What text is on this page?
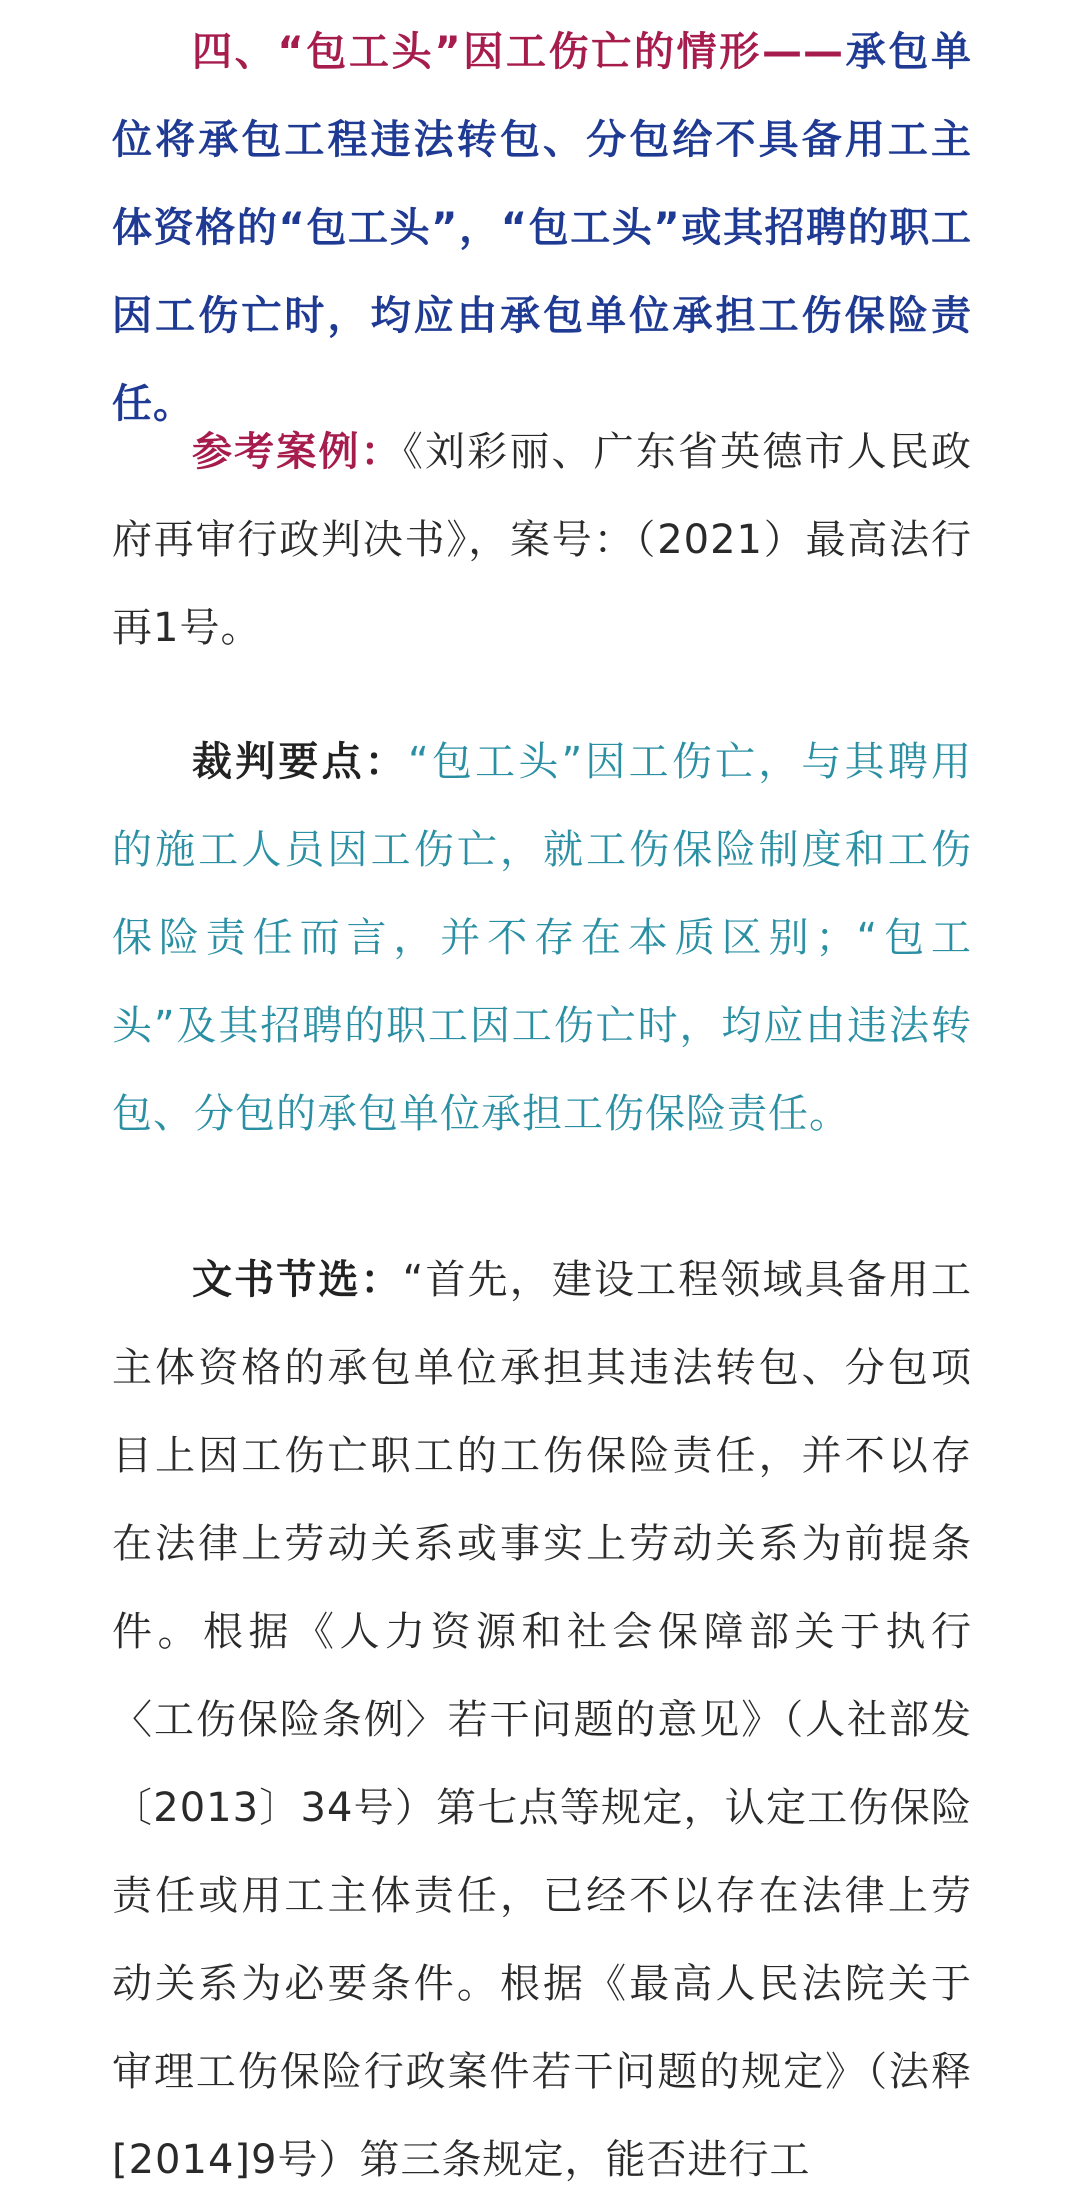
四、“包工头”因工伤亡的情形——承包单位将承包工程违法转包、分包给不具备用工主体资格的“包工头”，“包工头”或其招聘的职工因工伤亡时，均应由承包单位承担工伤保险责任。

参考案例：《刘彩丽、广东省英德市人民政府再审行政判决书》，案号：（2021）最高法行再1号。

裁判要点：“包工头”因工伤亡，与其聘用的施工人员因工伤亡，就工伤保险制度和工伤保险责任而言，并不存在本质区别；“包工头”及其招聘的职工因工伤亡时，均应由违法转包、分包的承包单位承担工伤保险责任。

文书节选：“首先，建设工程领域具备用工主体资格的承包单位承担其违法转包、分包项目上因工伤亡职工的工伤保险责任，并不以存在法律上劳动关系或事实上劳动关系为前提条件。根据《人力资源和社会保障部关于执行〈工伤保险条例〉若干问题的意见》（人社部发〔2013〕34号）第七点等规定，认定工伤保险责任或用工主体责任，已经不以存在法律上劳动关系为必要条件。根据《最高人民法院关于审理工伤保险行政案件若干问题的规定》（法释[2014]9号）第三条规定，能否进行工
